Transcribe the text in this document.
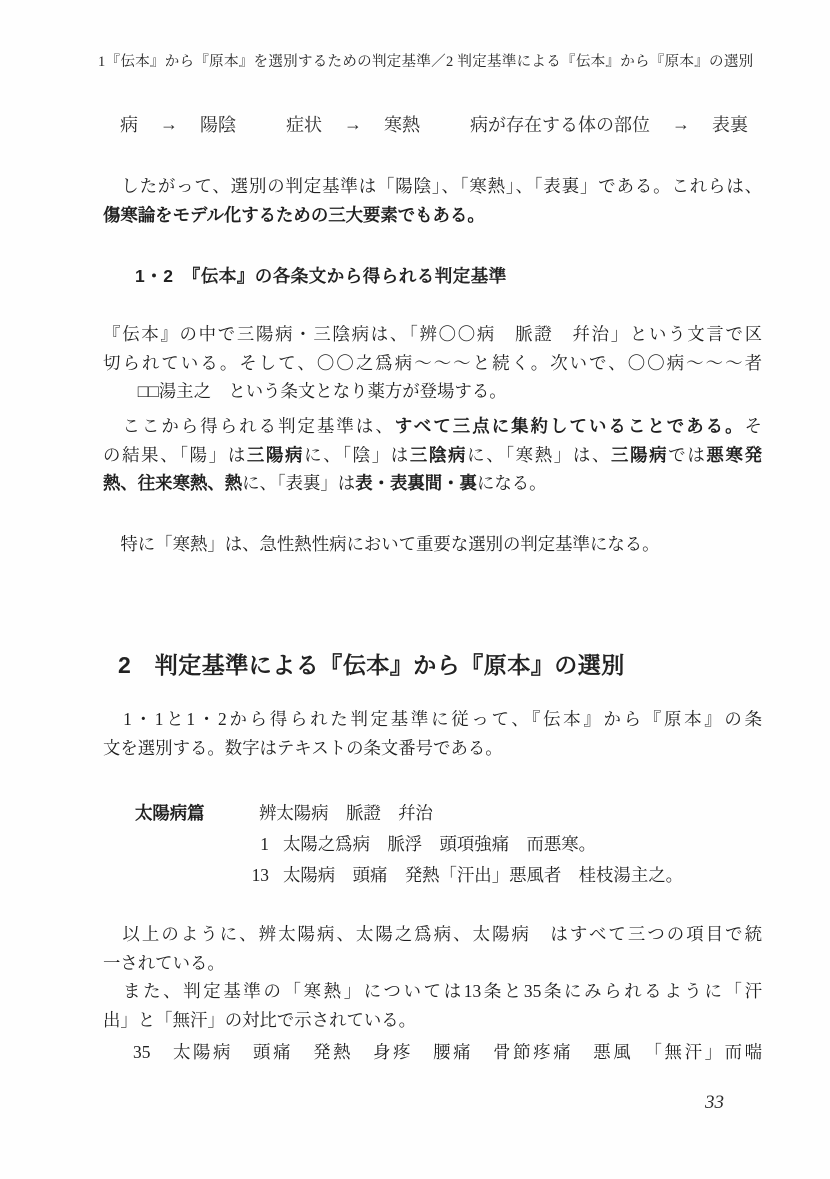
1『伝本』から『原本』を選別するための判定基準／2 判定基準による『伝本』から『原本』の選別
病 → 陽陰	症状 → 寒熱	病が存在する体の部位 → 表裏
　したがって、選別の判定基準は「陽陰」、「寒熱」、「表裏」である。これらは、
傷寒論をモデル化するための三大要素でもある。
1・2　『伝本』の各条文から得られる判定基準
『伝本』の中で三陽病・三陰病は、「辨〇〇病　脈證　幷治」という文言で区
切られている。そして、〇〇之爲病～～～と続く。次いで、〇〇病～～～者
　　□□湯主之　という条文となり薬方が登場する。
　ここから得られる判定基準は、すべて三点に集約していることである。そ
の結果、「陽」は三陽病に、「陰」は三陰病に、「寒熱」は、三陽病では悪寒発
熱、往来寒熱、熱に、「表裏」は表・表裏間・裏になる。
　特に「寒熱」は、急性熱性病において重要な選別の判定基準になる。
2　判定基準による『伝本』から『原本』の選別
　1・1と1・2から得られた判定基準に従って、『伝本』から『原本』の条
文を選別する。数字はテキストの条文番号である。
太陽病篇	辨太陽病　脈證　幷治
1 太陽之爲病　脈浮　頭項強痛　而悪寒。
13 太陽病　頭痛　発熱「汗出」悪風者　桂枝湯主之。
　以上のように、辨太陽病、太陽之爲病、太陽病　はすべて三つの項目で統
一されている。
　また、判定基準の「寒熱」については13条と35条にみられるように「汗
出」と「無汗」の対比で示されている。
35　太陽病　頭痛　発熱　身疼　腰痛　骨節疼痛　悪風　「無汗」而喘
33
